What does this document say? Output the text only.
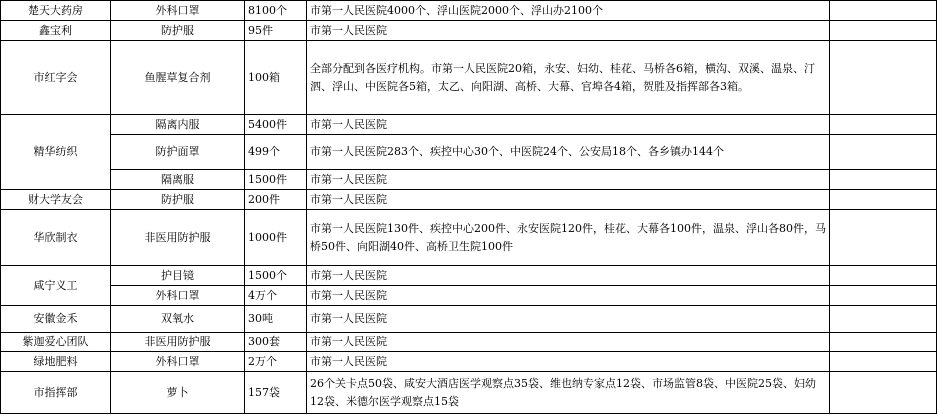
楚天大药房	外科口罩	8100个	市第一人民医院4000个、浮山医院2000个、浮山办2100个	
鑫宝利	防护服	95件	市第一人民医院	
市红字会	鱼腥草复合剂	100箱	全部分配到各医疗机构。市第一人民医院20箱，永安、妇幼、桂花、马桥各6箱，横沟、双溪、温泉、汀泗、浮山、中医院各5箱，太乙、向阳湖、高桥、大幕、官埠各4箱，贺胜及指挥部各3箱。	
精华纺织	隔离内服	5400件	市第一人民医院	
	防护面罩	499个	市第一人民医院283个、疾控中心30个、中医院24个、公安局18个、各乡镇办144个	
	隔离服	1500件	市第一人民医院	
财大学友会	防护服	200件	市第一人民医院	
华欣制衣	非医用防护服	1000件	市第一人民医院130件、疾控中心200件、永安医院120件，桂花、大幕各100件，温泉、浮山各80件，马桥50件、向阳湖40件、高桥卫生院100件	
咸宁义工	护目镜	1500个	市第一人民医院	
	外科口罩	4万个	市第一人民医院	
安徽金禾	双氧水	30吨	市第一人民医院	
紫迦爱心团队	非医用防护服	300套	市第一人民医院	
绿地肥料	外科口罩	2万个	市第一人民医院	
市指挥部	萝卜	157袋	26个关卡点50袋、咸安大酒店医学观察点35袋、维也纳专家点12袋、市场监管8袋、中医院25袋、妇幼12袋、米德尔医学观察点15袋	
